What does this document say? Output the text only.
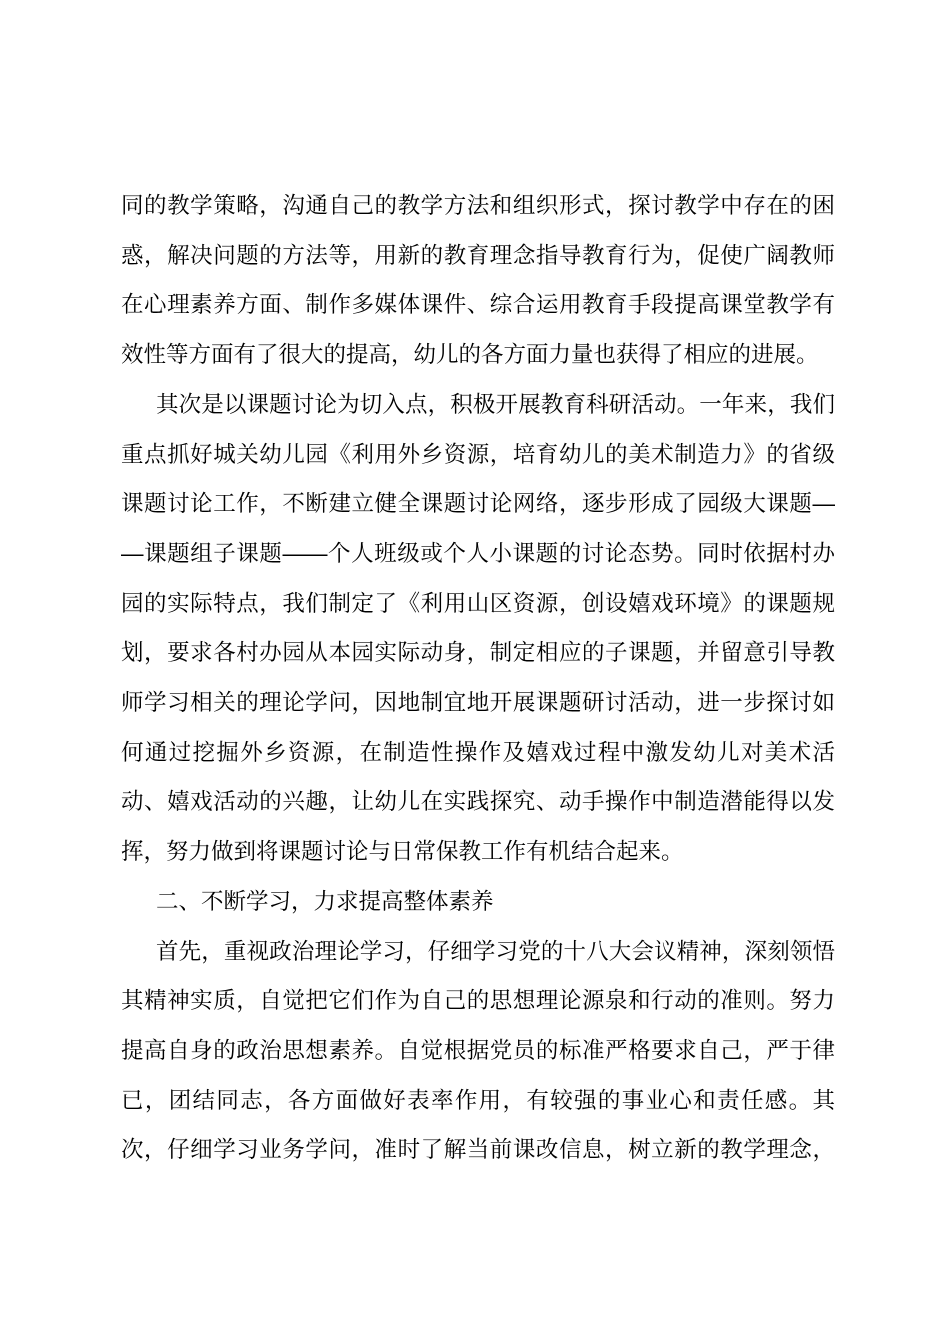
同的教学策略，沟通自己的教学方法和组织形式，探讨教学中存在的困
惑，解决问题的方法等，用新的教育理念指导教育行为，促使广阔教师
在心理素养方面、制作多媒体课件、综合运用教育手段提高课堂教学有
效性等方面有了很大的提高，幼儿的各方面力量也获得了相应的进展。
其次是以课题讨论为切入点，积极开展教育科研活动。一年来，我们
重点抓好城关幼儿园《利用外乡资源，培育幼儿的美术制造力》的省级
课题讨论工作，不断建立健全课题讨论网络，逐步形成了园级大课题—
—课题组子课题——个人班级或个人小课题的讨论态势。同时依据村办
园的实际特点，我们制定了《利用山区资源，创设嬉戏环境》的课题规
划，要求各村办园从本园实际动身，制定相应的子课题，并留意引导教
师学习相关的理论学问，因地制宜地开展课题研讨活动，进一步探讨如
何通过挖掘外乡资源，在制造性操作及嬉戏过程中激发幼儿对美术活
动、嬉戏活动的兴趣，让幼儿在实践探究、动手操作中制造潜能得以发
挥，努力做到将课题讨论与日常保教工作有机结合起来。
二、不断学习，力求提高整体素养
首先，重视政治理论学习，仔细学习党的十八大会议精神，深刻领悟
其精神实质，自觉把它们作为自己的思想理论源泉和行动的准则。努力
提高自身的政治思想素养。自觉根据党员的标准严格要求自己，严于律
已，团结同志，各方面做好表率作用，有较强的事业心和责任感。其
次，仔细学习业务学问，准时了解当前课改信息，树立新的教学理念，
